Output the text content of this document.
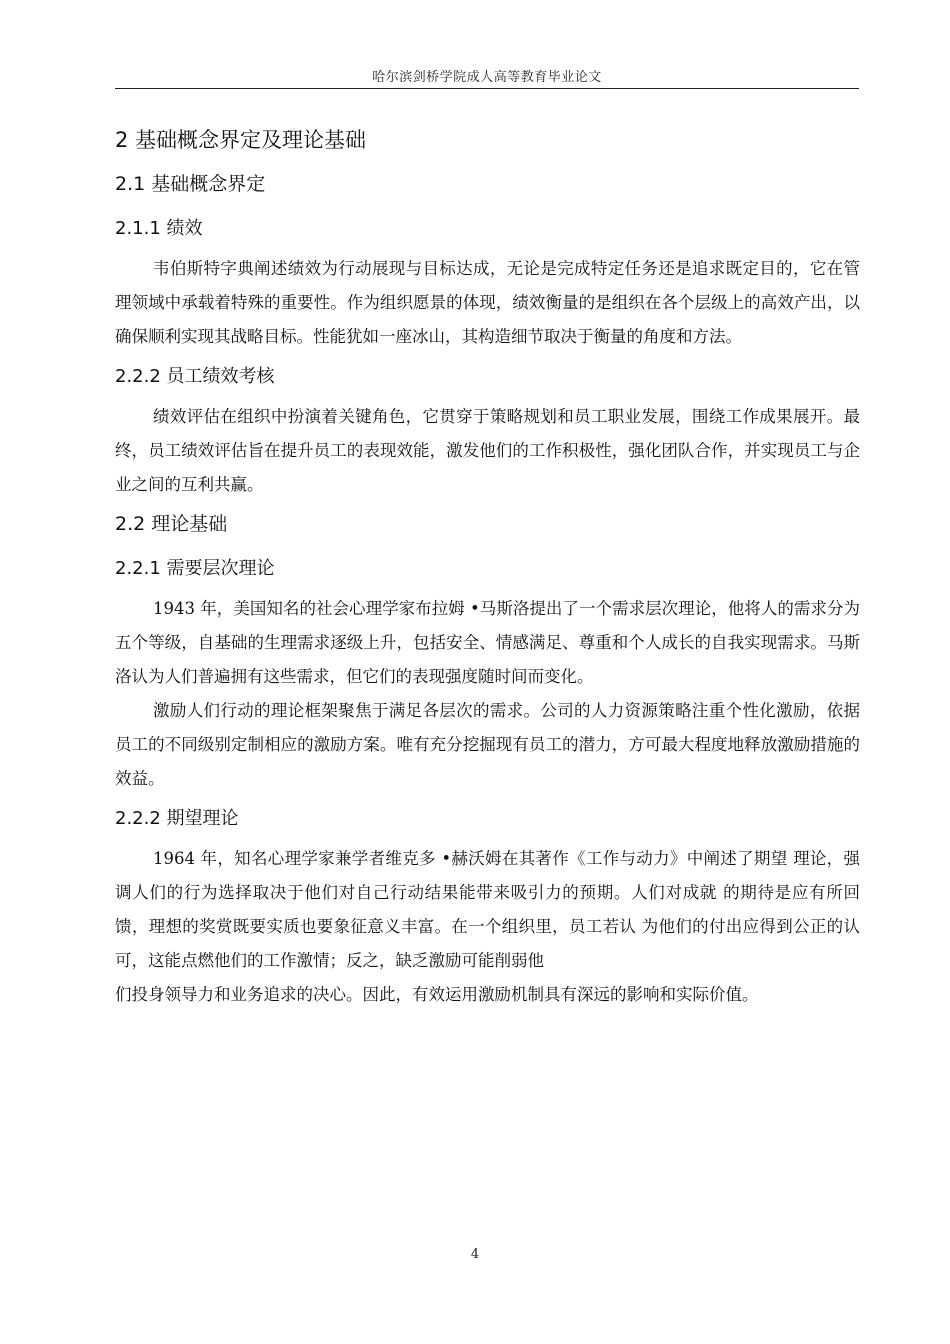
哈尔滨剑桥学院成人高等教育毕业论文
2 基础概念界定及理论基础
2.1 基础概念界定
2.1.1 绩效

韦伯斯特字典阐述绩效为行动展现与目标达成，无论是完成特定任务还是追求既定目的，它在管理领域中承载着特殊的重要性。作为组织愿景的体现，绩效衡量的是组织在各个层级上的高效产出，以确保顺利实现其战略目标。性能犹如一座冰山，其构造细节取决于衡量的角度和方法。

2.2.2 员工绩效考核

绩效评估在组织中扮演着关键角色，它贯穿于策略规划和员工职业发展，围绕工作成果展开。最终，员工绩效评估旨在提升员工的表现效能，激发他们的工作积极性，强化团队合作，并实现员工与企业之间的互利共赢。

2.2 理论基础
2.2.1 需要层次理论

1943 年，美国知名的社会心理学家布拉姆 •马斯洛提出了一个需求层次理论，他将人的需求分为五个等级，自基础的生理需求逐级上升，包括安全、情感满足、尊重和个人成长的自我实现需求。马斯洛认为人们普遍拥有这些需求，但它们的表现强度随时间而变化。

激励人们行动的理论框架聚焦于满足各层次的需求。公司的人力资源策略注重个性化激励，依据员工的不同级别定制相应的激励方案。唯有充分挖掘现有员工的潜力，方可最大程度地释放激励措施的效益。

2.2.2 期望理论

1964 年，知名心理学家兼学者维克多 •赫沃姆在其著作《工作与动力》中阐述了期望 理论，强调人们的行为选择取决于他们对自己行动结果能带来吸引力的预期。人们对成就 的期待是应有所回馈，理想的奖赏既要实质也要象征意义丰富。在一个组织里，员工若认 为他们的付出应得到公正的认可，这能点燃他们的工作激情；反之，缺乏激励可能削弱他

们投身领导力和业务追求的决心。因此，有效运用激励机制具有深远的影响和实际价值。

4
